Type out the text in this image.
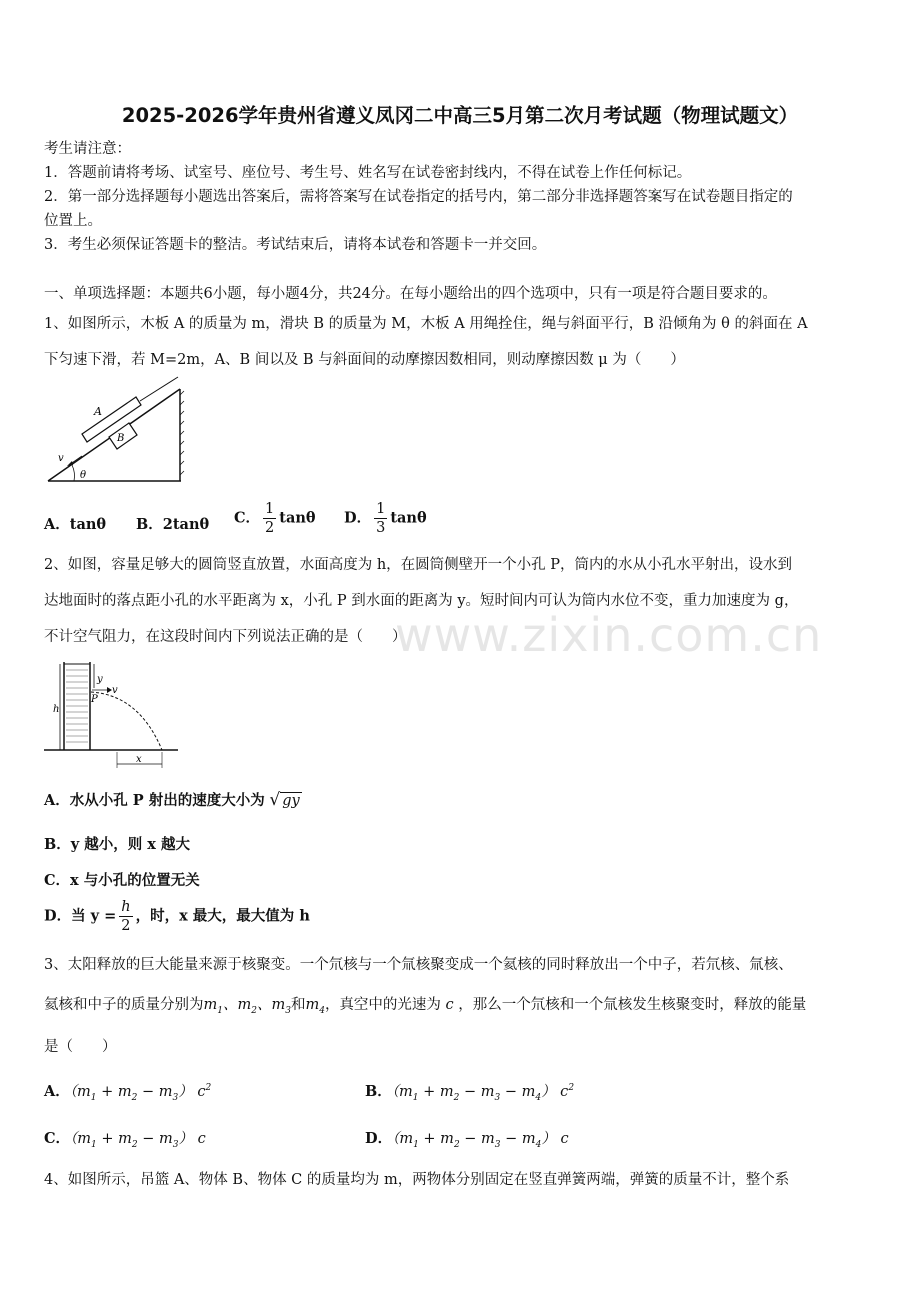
www.zixin.com.cn
2025-2026学年贵州省遵义凤冈二中高三5月第二次月考试题（物理试题文）
考生请注意：
1．答题前请将考场、试室号、座位号、考生号、姓名写在试卷密封线内，不得在试卷上作任何标记。
2．第一部分选择题每小题选出答案后，需将答案写在试卷指定的括号内，第二部分非选择题答案写在试卷题目指定的
位置上。
3．考生必须保证答题卡的整洁。考试结束后，请将本试卷和答题卡一并交回。
一、单项选择题：本题共6小题，每小题4分，共24分。在每小题给出的四个选项中，只有一项是符合题目要求的。
1、如图所示，木板 A 的质量为 m，滑块 B 的质量为 M，木板 A 用绳拴住，绳与斜面平行，B 沿倾角为 θ 的斜面在 A
下匀速下滑，若 M=2m，A、B 间以及 B 与斜面间的动摩擦因数相同，则动摩擦因数 μ 为（　　）
A
B
v
θ
A．tanθ B．2tanθ C． $\frac{1}{2}$ tanθ D． $\frac{1}{3}$ tanθ
2、如图，容量足够大的圆筒竖直放置，水面高度为 h，在圆筒侧壁开一个小孔 P，筒内的水从小孔水平射出，设水到
达地面时的落点距小孔的水平距离为 x，小孔 P 到水面的距离为 y。短时间内可认为筒内水位不变，重力加速度为 g，
不计空气阻力，在这段时间内下列说法正确的是（　　）
h
y
v
P
x
A．水从小孔 P 射出的速度大小为 √ gy
B．y 越小，则 x 越大
C．x 与小孔的位置无关
D．当 $y = \frac{h}{2}$ ，时，x 最大，最大值为 h
3、太阳释放的巨大能量来源于核聚变。一个氘核与一个氚核聚变成一个氦核的同时释放出一个中子，若氘核、氚核、
氦核和中子的质量分别为$m_1$、$m_2$、$m_3$和$m_4$，真空中的光速为 c ，那么一个氘核和一个氚核发生核聚变时，释放的能量
是（　　）
A．$(m_1 + m_2 - m_3)$ $c^2$	B．$(m_1 + m_2 - m_3 - m_4)$ $c^2$
C．$(m_1 + m_2 - m_3)$ c	D．$(m_1 + m_2 - m_3 - m_4)$ c
4、如图所示，吊篮 A、物体 B、物体 C 的质量均为 m，两物体分别固定在竖直弹簧两端，弹簧的质量不计，整个系
